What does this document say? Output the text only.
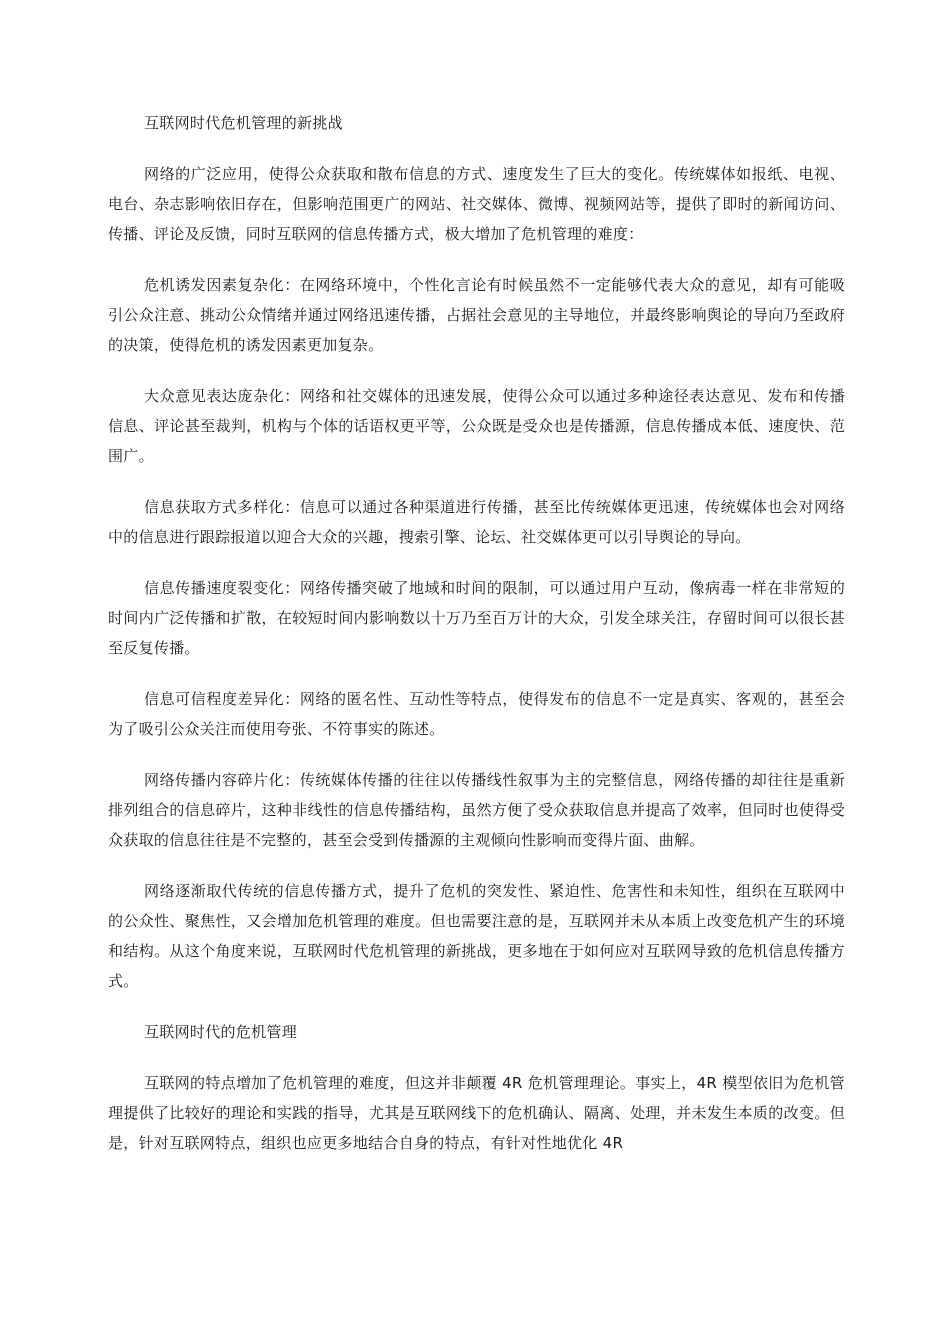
互联网时代危机管理的新挑战

网络的广泛应用，使得公众获取和散布信息的方式、速度发生了巨大的变化。传统媒体如报纸、电视、电台、杂志影响依旧存在，但影响范围更广的网站、社交媒体、微博、视频网站等，提供了即时的新闻访问、传播、评论及反馈，同时互联网的信息传播方式，极大增加了危机管理的难度：

危机诱发因素复杂化：在网络环境中，个性化言论有时候虽然不一定能够代表大众的意见，却有可能吸引公众注意、挑动公众情绪并通过网络迅速传播，占据社会意见的主导地位，并最终影响舆论的导向乃至政府的决策，使得危机的诱发因素更加复杂。

大众意见表达庞杂化：网络和社交媒体的迅速发展，使得公众可以通过多种途径表达意见、发布和传播信息、评论甚至裁判，机构与个体的话语权更平等，公众既是受众也是传播源，信息传播成本低、速度快、范围广。

信息获取方式多样化：信息可以通过各种渠道进行传播，甚至比传统媒体更迅速，传统媒体也会对网络中的信息进行跟踪报道以迎合大众的兴趣，搜索引擎、论坛、社交媒体更可以引导舆论的导向。

信息传播速度裂变化：网络传播突破了地域和时间的限制，可以通过用户互动，像病毒一样在非常短的时间内广泛传播和扩散，在较短时间内影响数以十万乃至百万计的大众，引发全球关注，存留时间可以很长甚至反复传播。

信息可信程度差异化：网络的匿名性、互动性等特点，使得发布的信息不一定是真实、客观的，甚至会为了吸引公众关注而使用夸张、不符事实的陈述。

网络传播内容碎片化：传统媒体传播的往往以传播线性叙事为主的完整信息，网络传播的却往往是重新排列组合的信息碎片，这种非线性的信息传播结构，虽然方便了受众获取信息并提高了效率，但同时也使得受众获取的信息往往是不完整的，甚至会受到传播源的主观倾向性影响而变得片面、曲解。

网络逐渐取代传统的信息传播方式，提升了危机的突发性、紧迫性、危害性和未知性，组织在互联网中的公众性、聚焦性，又会增加危机管理的难度。但也需要注意的是，互联网并未从本质上改变危机产生的环境和结构。从这个角度来说，互联网时代危机管理的新挑战，更多地在于如何应对互联网导致的危机信息传播方式。

互联网时代的危机管理

互联网的特点增加了危机管理的难度，但这并非颠覆 4R 危机管理理论。事实上，4R 模型依旧为危机管理提供了比较好的理论和实践的指导，尤其是互联网线下的危机确认、隔离、处理，并未发生本质的改变。但是，针对互联网特点，组织也应更多地结合自身的特点，有针对性地优化 4R
